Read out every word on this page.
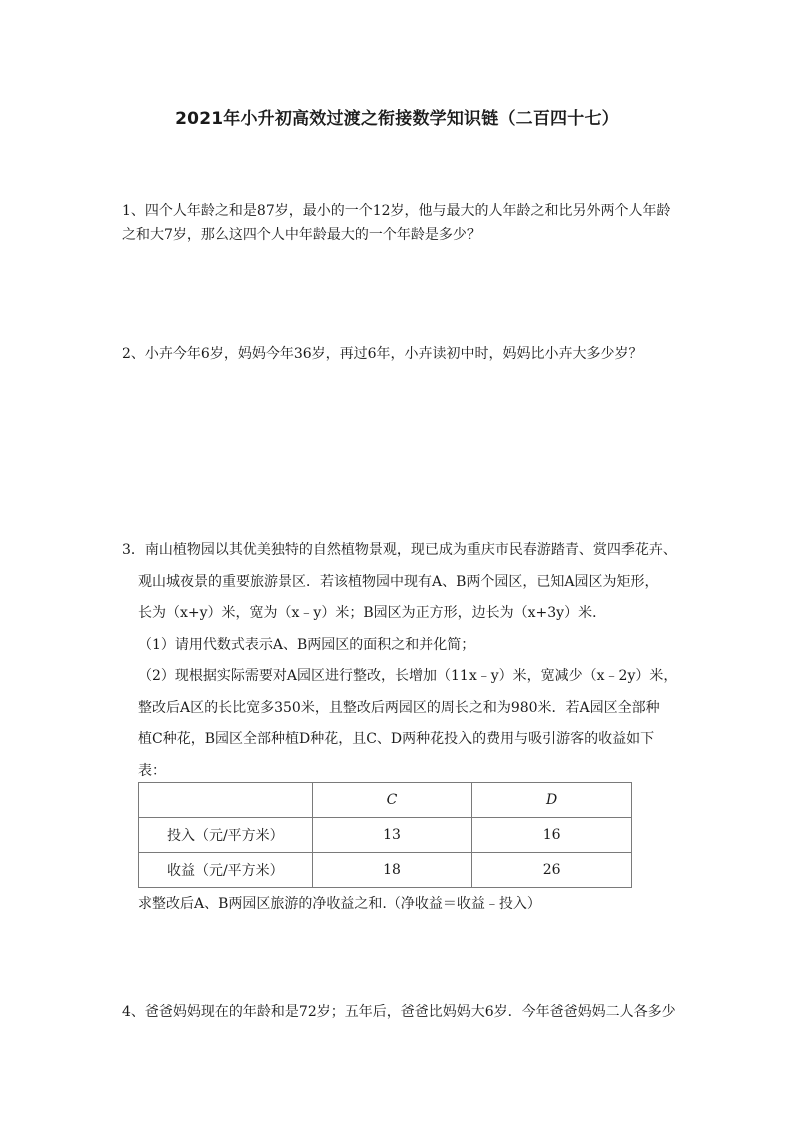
2021年小升初高效过渡之衔接数学知识链（二百四十七）
1、四个人年龄之和是87岁，最小的一个12岁，他与最大的人年龄之和比另外两个人年龄
之和大7岁，那么这四个人中年龄最大的一个年龄是多少？
2、小卉今年6岁，妈妈今年36岁，再过6年，小卉读初中时，妈妈比小卉大多少岁？
3．南山植物园以其优美独特的自然植物景观，现已成为重庆市民春游踏青、赏四季花卉、
观山城夜景的重要旅游景区．若该植物园中现有A、B两个园区，已知A园区为矩形，
长为（x+y）米，宽为（x﹣y）米；B园区为正方形，边长为（x+3y）米．
（1）请用代数式表示A、B两园区的面积之和并化简；
（2）现根据实际需要对A园区进行整改，长增加（11x﹣y）米，宽减少（x﹣2y）米，
整改后A区的长比宽多350米，且整改后两园区的周长之和为980米．若A园区全部种
植C种花，B园区全部种植D种花，且C、D两种花投入的费用与吸引游客的收益如下
表：
	C	D
投入（元/平方米）	13	16
收益（元/平方米）	18	26
求整改后A、B两园区旅游的净收益之和.（净收益＝收益﹣投入）
4、爸爸妈妈现在的年龄和是72岁；五年后，爸爸比妈妈大6岁．今年爸爸妈妈二人各多少
